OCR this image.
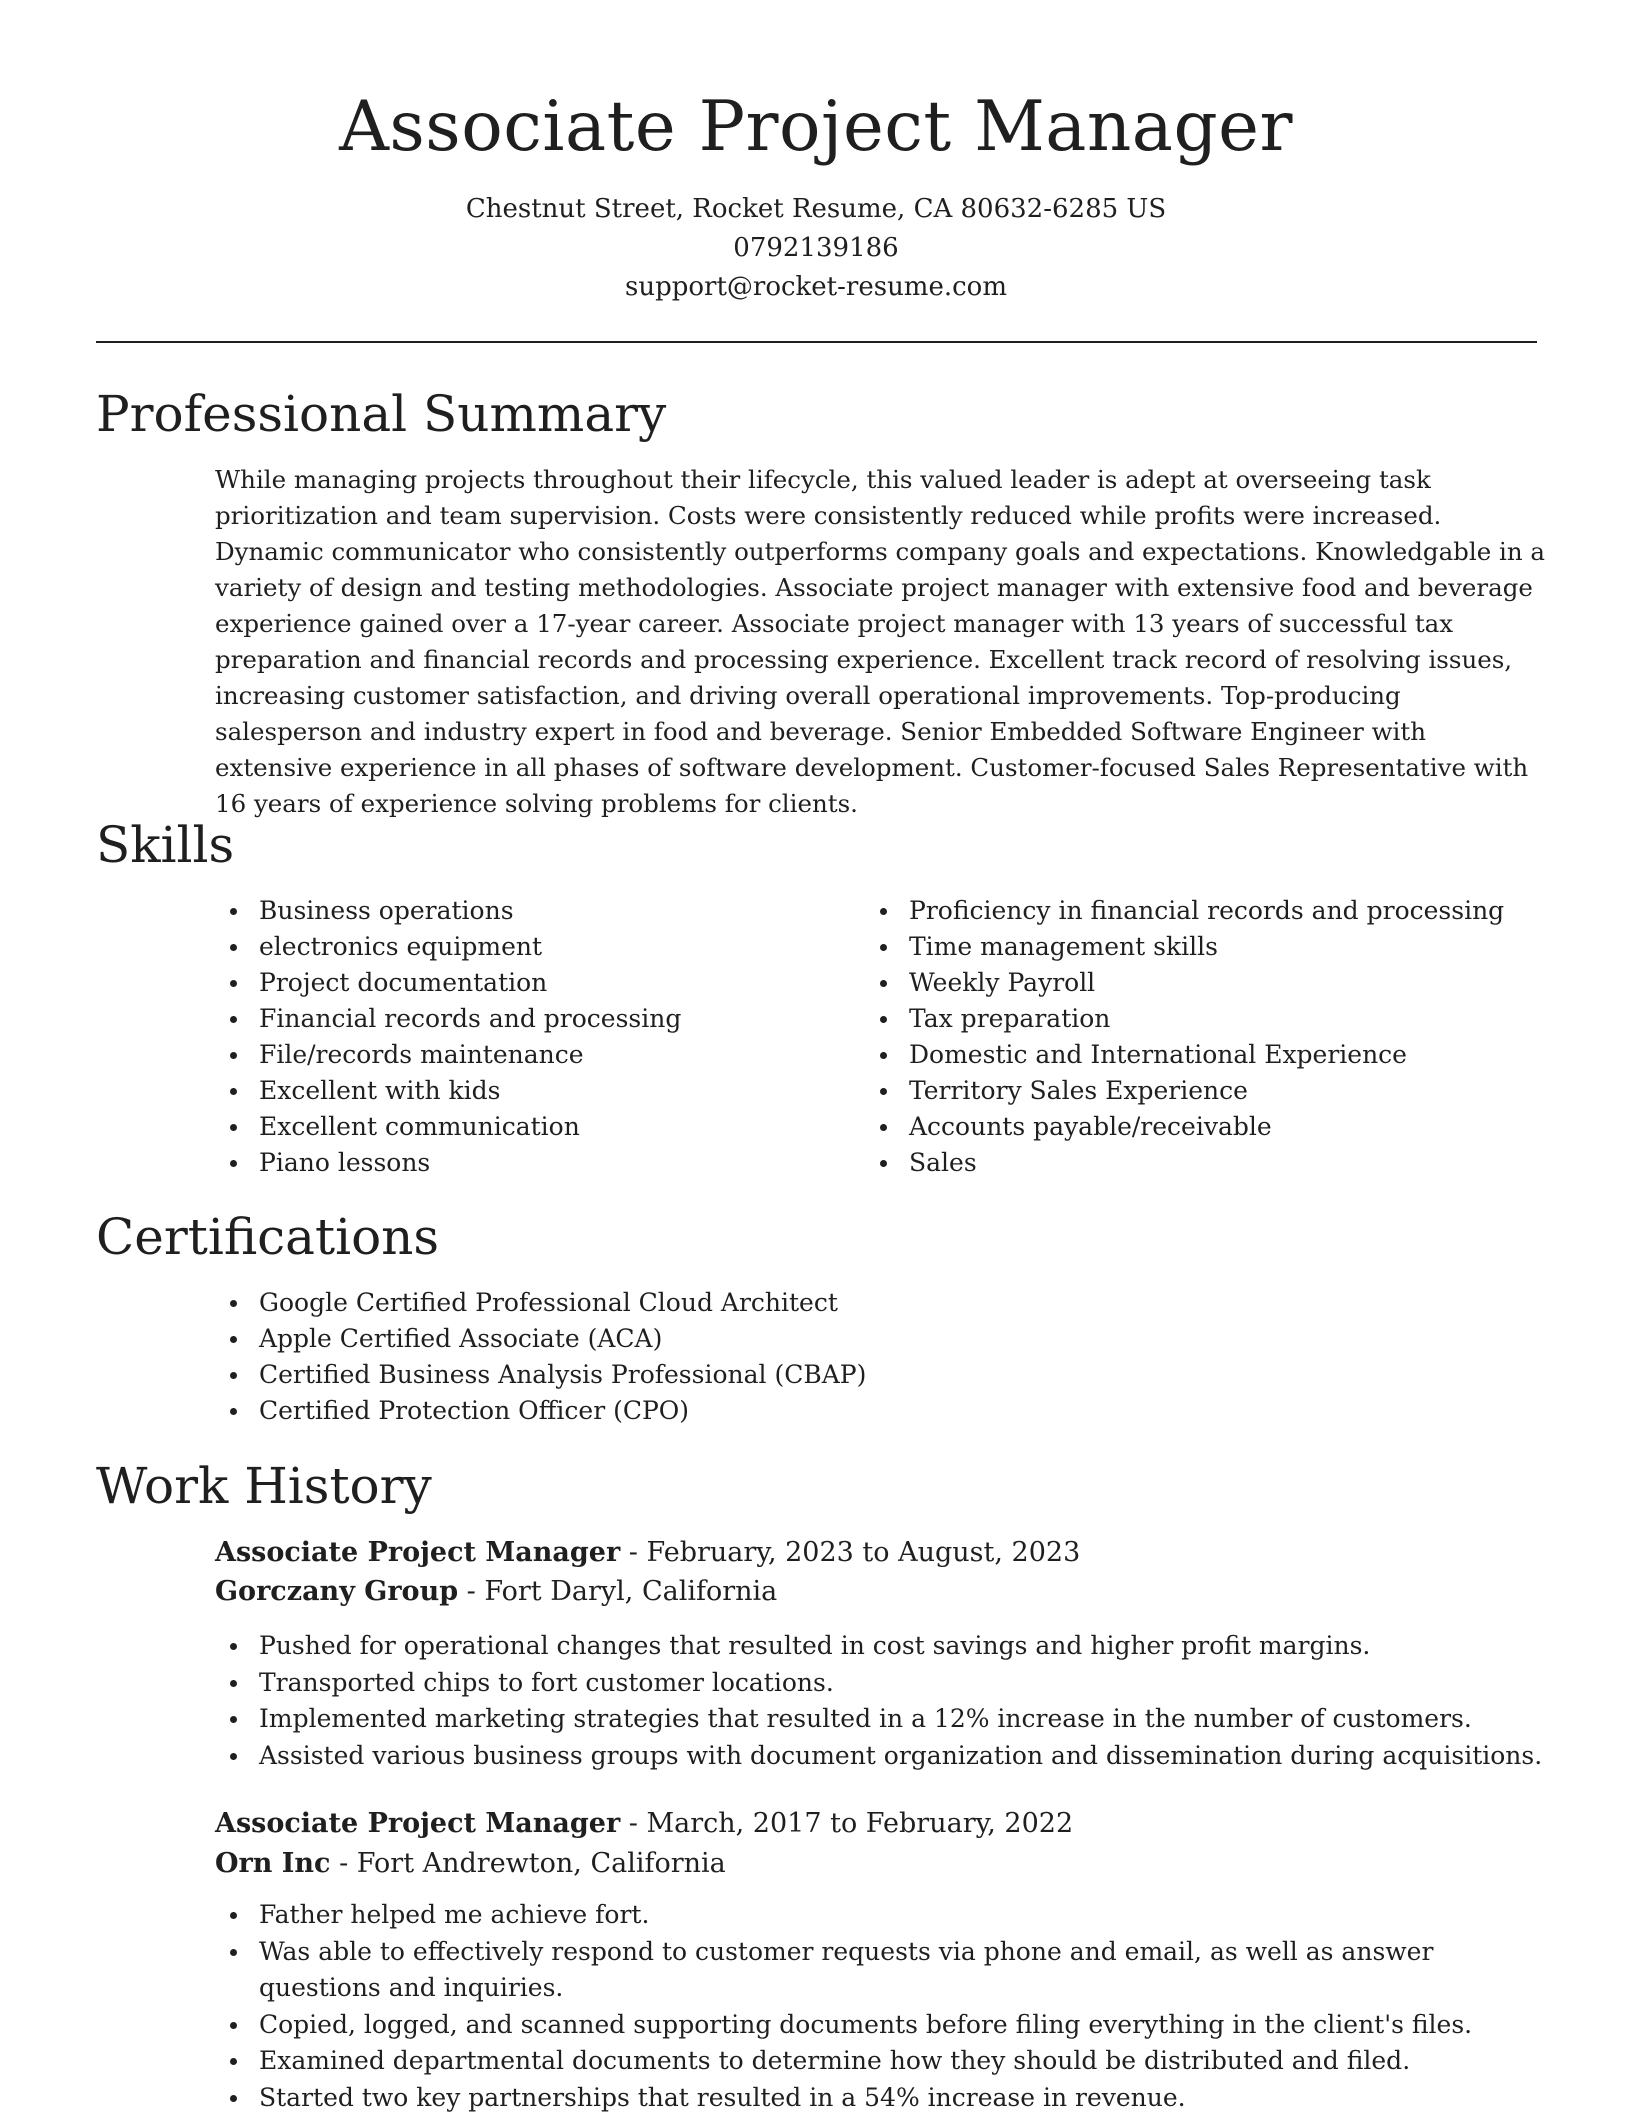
Associate Project Manager

Chestnut Street, Rocket Resume, CA 80632-6285 US

0792139186

support@rocket-resume.com

Professional Summary

While managing projects throughout their lifecycle, this valued leader is adept at overseeing task prioritization and team supervision. Costs were consistently reduced while profits were increased. Dynamic communicator who consistently outperforms company goals and expectations. Knowledgable in a variety of design and testing methodologies. Associate project manager with extensive food and beverage experience gained over a 17-year career. Associate project manager with 13 years of successful tax preparation and financial records and processing experience. Excellent track record of resolving issues, increasing customer satisfaction, and driving overall operational improvements. Top-producing salesperson and industry expert in food and beverage. Senior Embedded Software Engineer with extensive experience in all phases of software development. Customer-focused Sales Representative with 16 years of experience solving problems for clients.

Skills
Business operations
electronics equipment
Project documentation
Financial records and processing
File/records maintenance
Excellent with kids
Excellent communication
Piano lessons
Proficiency in financial records and processing
Time management skills
Weekly Payroll
Tax preparation
Domestic and International Experience
Territory Sales Experience
Accounts payable/receivable
Sales
Certifications
Google Certified Professional Cloud Architect
Apple Certified Associate (ACA)
Certified Business Analysis Professional (CBAP)
Certified Protection Officer (CPO)
Work History

Associate Project Manager - February, 2023 to August, 2023

Gorczany Group - Fort Daryl, California

Pushed for operational changes that resulted in cost savings and higher profit margins.
Transported chips to fort customer locations.
Implemented marketing strategies that resulted in a 12% increase in the number of customers.
Assisted various business groups with document organization and dissemination during acquisitions.

Associate Project Manager - March, 2017 to February, 2022

Orn Inc - Fort Andrewton, California

Father helped me achieve fort.
Was able to effectively respond to customer requests via phone and email, as well as answer questions and inquiries.
Copied, logged, and scanned supporting documents before filing everything in the client's files.
Examined departmental documents to determine how they should be distributed and filed.
Started two key partnerships that resulted in a 54% increase in revenue.
